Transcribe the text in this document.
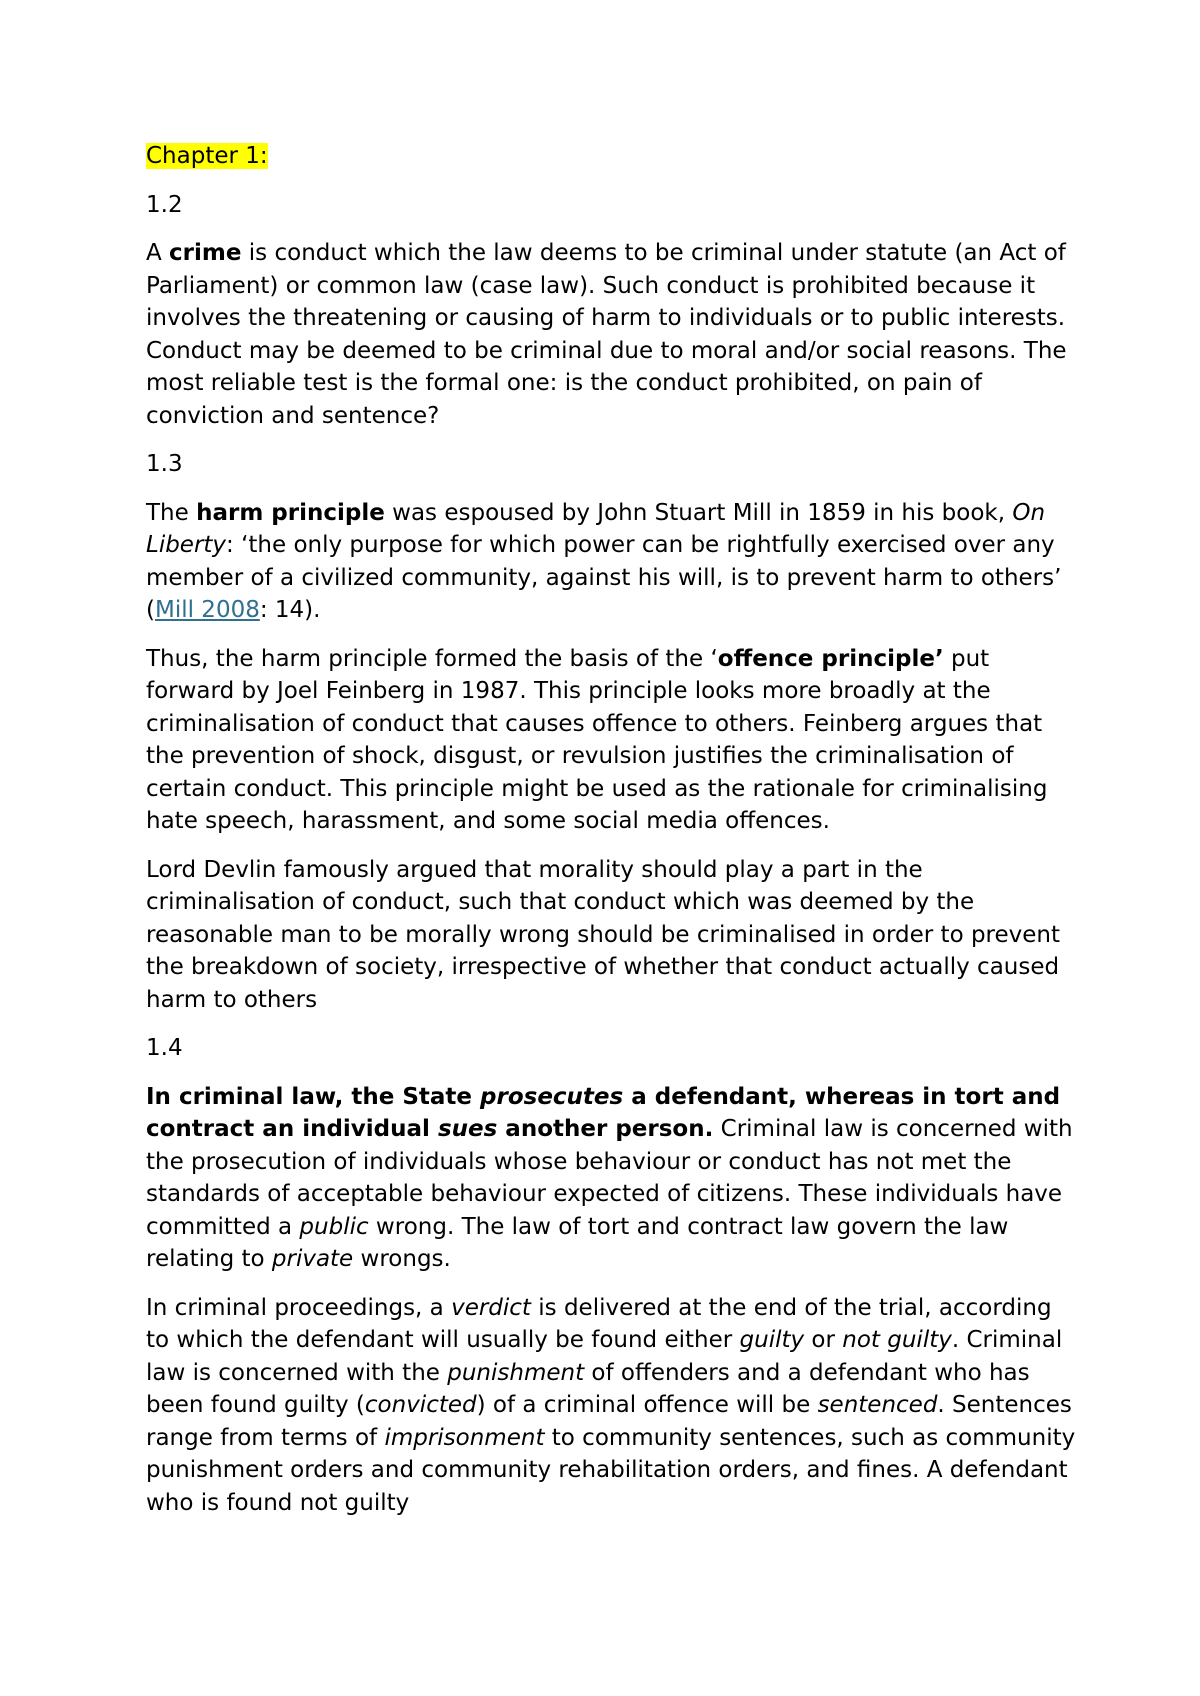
Chapter 1:

1.2

A crime is conduct which the law deems to be criminal under statute (an Act of Parliament) or common law (case law). Such conduct is prohibited because it involves the threatening or causing of harm to individuals or to public interests. Conduct may be deemed to be criminal due to moral and/or social reasons. The most reliable test is the formal one: is the conduct prohibited, on pain of conviction and sentence?

1.3

The harm principle was espoused by John Stuart Mill in 1859 in his book, On Liberty: ‘the only purpose for which power can be rightfully exercised over any member of a civilized community, against his will, is to prevent harm to others’ (Mill 2008: 14).

Thus, the harm principle formed the basis of the ‘offence principle’ put forward by Joel Feinberg in 1987. This principle looks more broadly at the criminalisation of conduct that causes offence to others. Feinberg argues that the prevention of shock, disgust, or revulsion justifies the criminalisation of certain conduct. This principle might be used as the rationale for criminalising hate speech, harassment, and some social media offences.

Lord Devlin famously argued that morality should play a part in the criminalisation of conduct, such that conduct which was deemed by the reasonable man to be morally wrong should be criminalised in order to prevent the breakdown of society, irrespective of whether that conduct actually caused harm to others

1.4

In criminal law, the State prosecutes a defendant, whereas in tort and contract an individual sues another person. Criminal law is concerned with the prosecution of individuals whose behaviour or conduct has not met the standards of acceptable behaviour expected of citizens. These individuals have committed a public wrong. The law of tort and contract law govern the law relating to private wrongs.

In criminal proceedings, a verdict is delivered at the end of the trial, according to which the defendant will usually be found either guilty or not guilty. Criminal law is concerned with the punishment of offenders and a defendant who has been found guilty (convicted) of a criminal offence will be sentenced. Sentences range from terms of imprisonment to community sentences, such as community punishment orders and community rehabilitation orders, and fines. A defendant who is found not guilty
